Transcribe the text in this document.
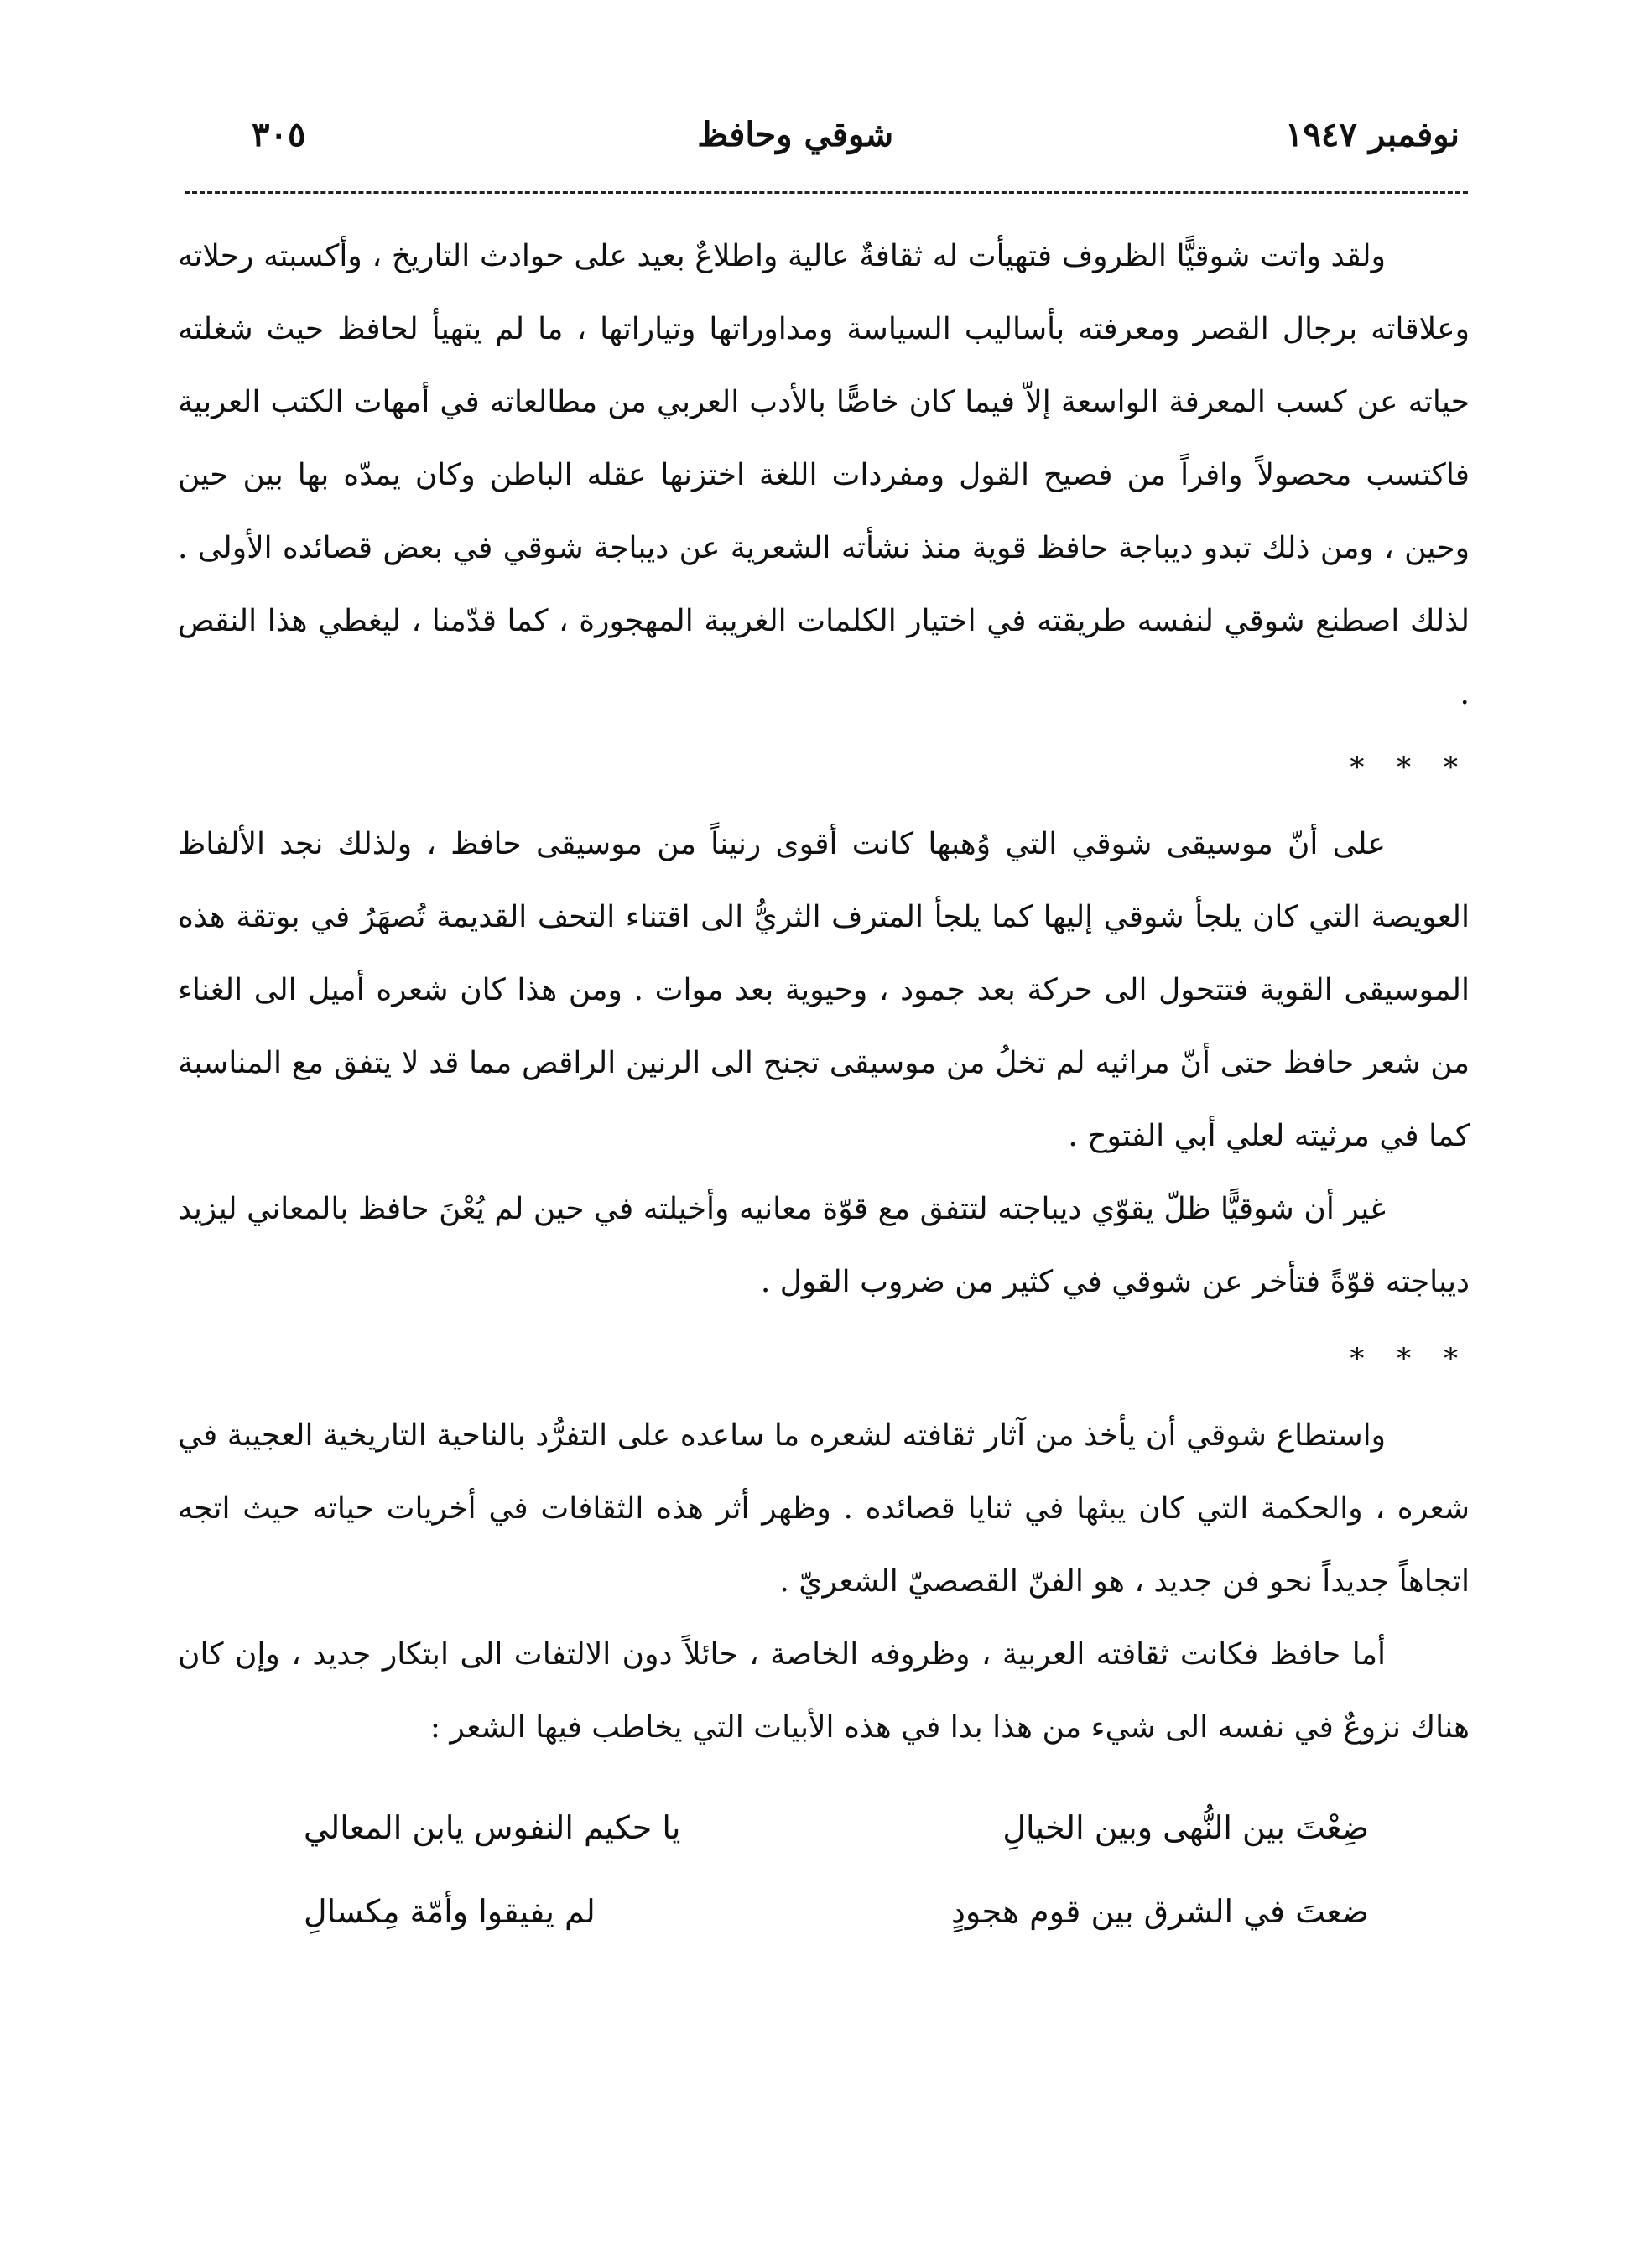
نوفمبر ١٩٤٧
شوقي وحافظ
٣٠٥

ولقد واتت شوقيًّا الظروف فتهيأت له ثقافةٌ عالية واطلاعٌ بعيد على حوادث التاريخ ، وأكسبته رحلاته وعلاقاته برجال القصر ومعرفته بأساليب السياسة ومداوراتها وتياراتها ، ما لم يتهيأ لحافظ حيث شغلته حياته عن كسب المعرفة الواسعة إلاّ فيما كان خاصًّا بالأدب العربي من مطالعاته في أمهات الكتب العربية فاكتسب محصولاً وافراً من فصيح القول ومفردات اللغة اختزنها عقله الباطن وكان يمدّه بها بين حين وحين ، ومن ذلك تبدو ديباجة حافظ قوية منذ نشأته الشعرية عن ديباجة شوقي في بعض قصائده الأولى . لذلك اصطنع شوقي لنفسه طريقته في اختيار الكلمات الغريبة المهجورة ، كما قدّمنا ، ليغطي هذا النقص .

* * *

على أنّ موسيقى شوقي التي وُهبها كانت أقوى رنيناً من موسيقى حافظ ، ولذلك نجد الألفاظ العويصة التي كان يلجأ شوقي إليها كما يلجأ المترف الثريُّ الى اقتناء التحف القديمة تُصهَرُ في بوتقة هذه الموسيقى القوية فتتحول الى حركة بعد جمود ، وحيوية بعد موات . ومن هذا كان شعره أميل الى الغناء من شعر حافظ حتى أنّ مراثيه لم تخلُ من موسيقى تجنح الى الرنين الراقص مما قد لا يتفق مع المناسبة كما في مرثيته لعلي أبي الفتوح .

غير أن شوقيًّا ظلّ يقوّي ديباجته لتتفق مع قوّة معانيه وأخيلته في حين لم يُعْنَ حافظ بالمعاني ليزيد ديباجته قوّةً فتأخر عن شوقي في كثير من ضروب القول .

* * *

واستطاع شوقي أن يأخذ من آثار ثقافته لشعره ما ساعده على التفرُّد بالناحية التاريخية العجيبة في شعره ، والحكمة التي كان يبثها في ثنايا قصائده . وظهر أثر هذه الثقافات في أخريات حياته حيث اتجه اتجاهاً جديداً نحو فن جديد ، هو الفنّ القصصيّ الشعريّ .

أما حافظ فكانت ثقافته العربية ، وظروفه الخاصة ، حائلاً دون الالتفات الى ابتكار جديد ، وإن كان هناك نزوعٌ في نفسه الى شيء من هذا بدا في هذه الأبيات التي يخاطب فيها الشعر :

ضِعْتَ بين النُّهى وبين الخيالِ
يا حكيم النفوس يابن المعالي
ضعتَ في الشرق بين قوم هجودٍ
لم يفيقوا وأمّة مِكسالِ
